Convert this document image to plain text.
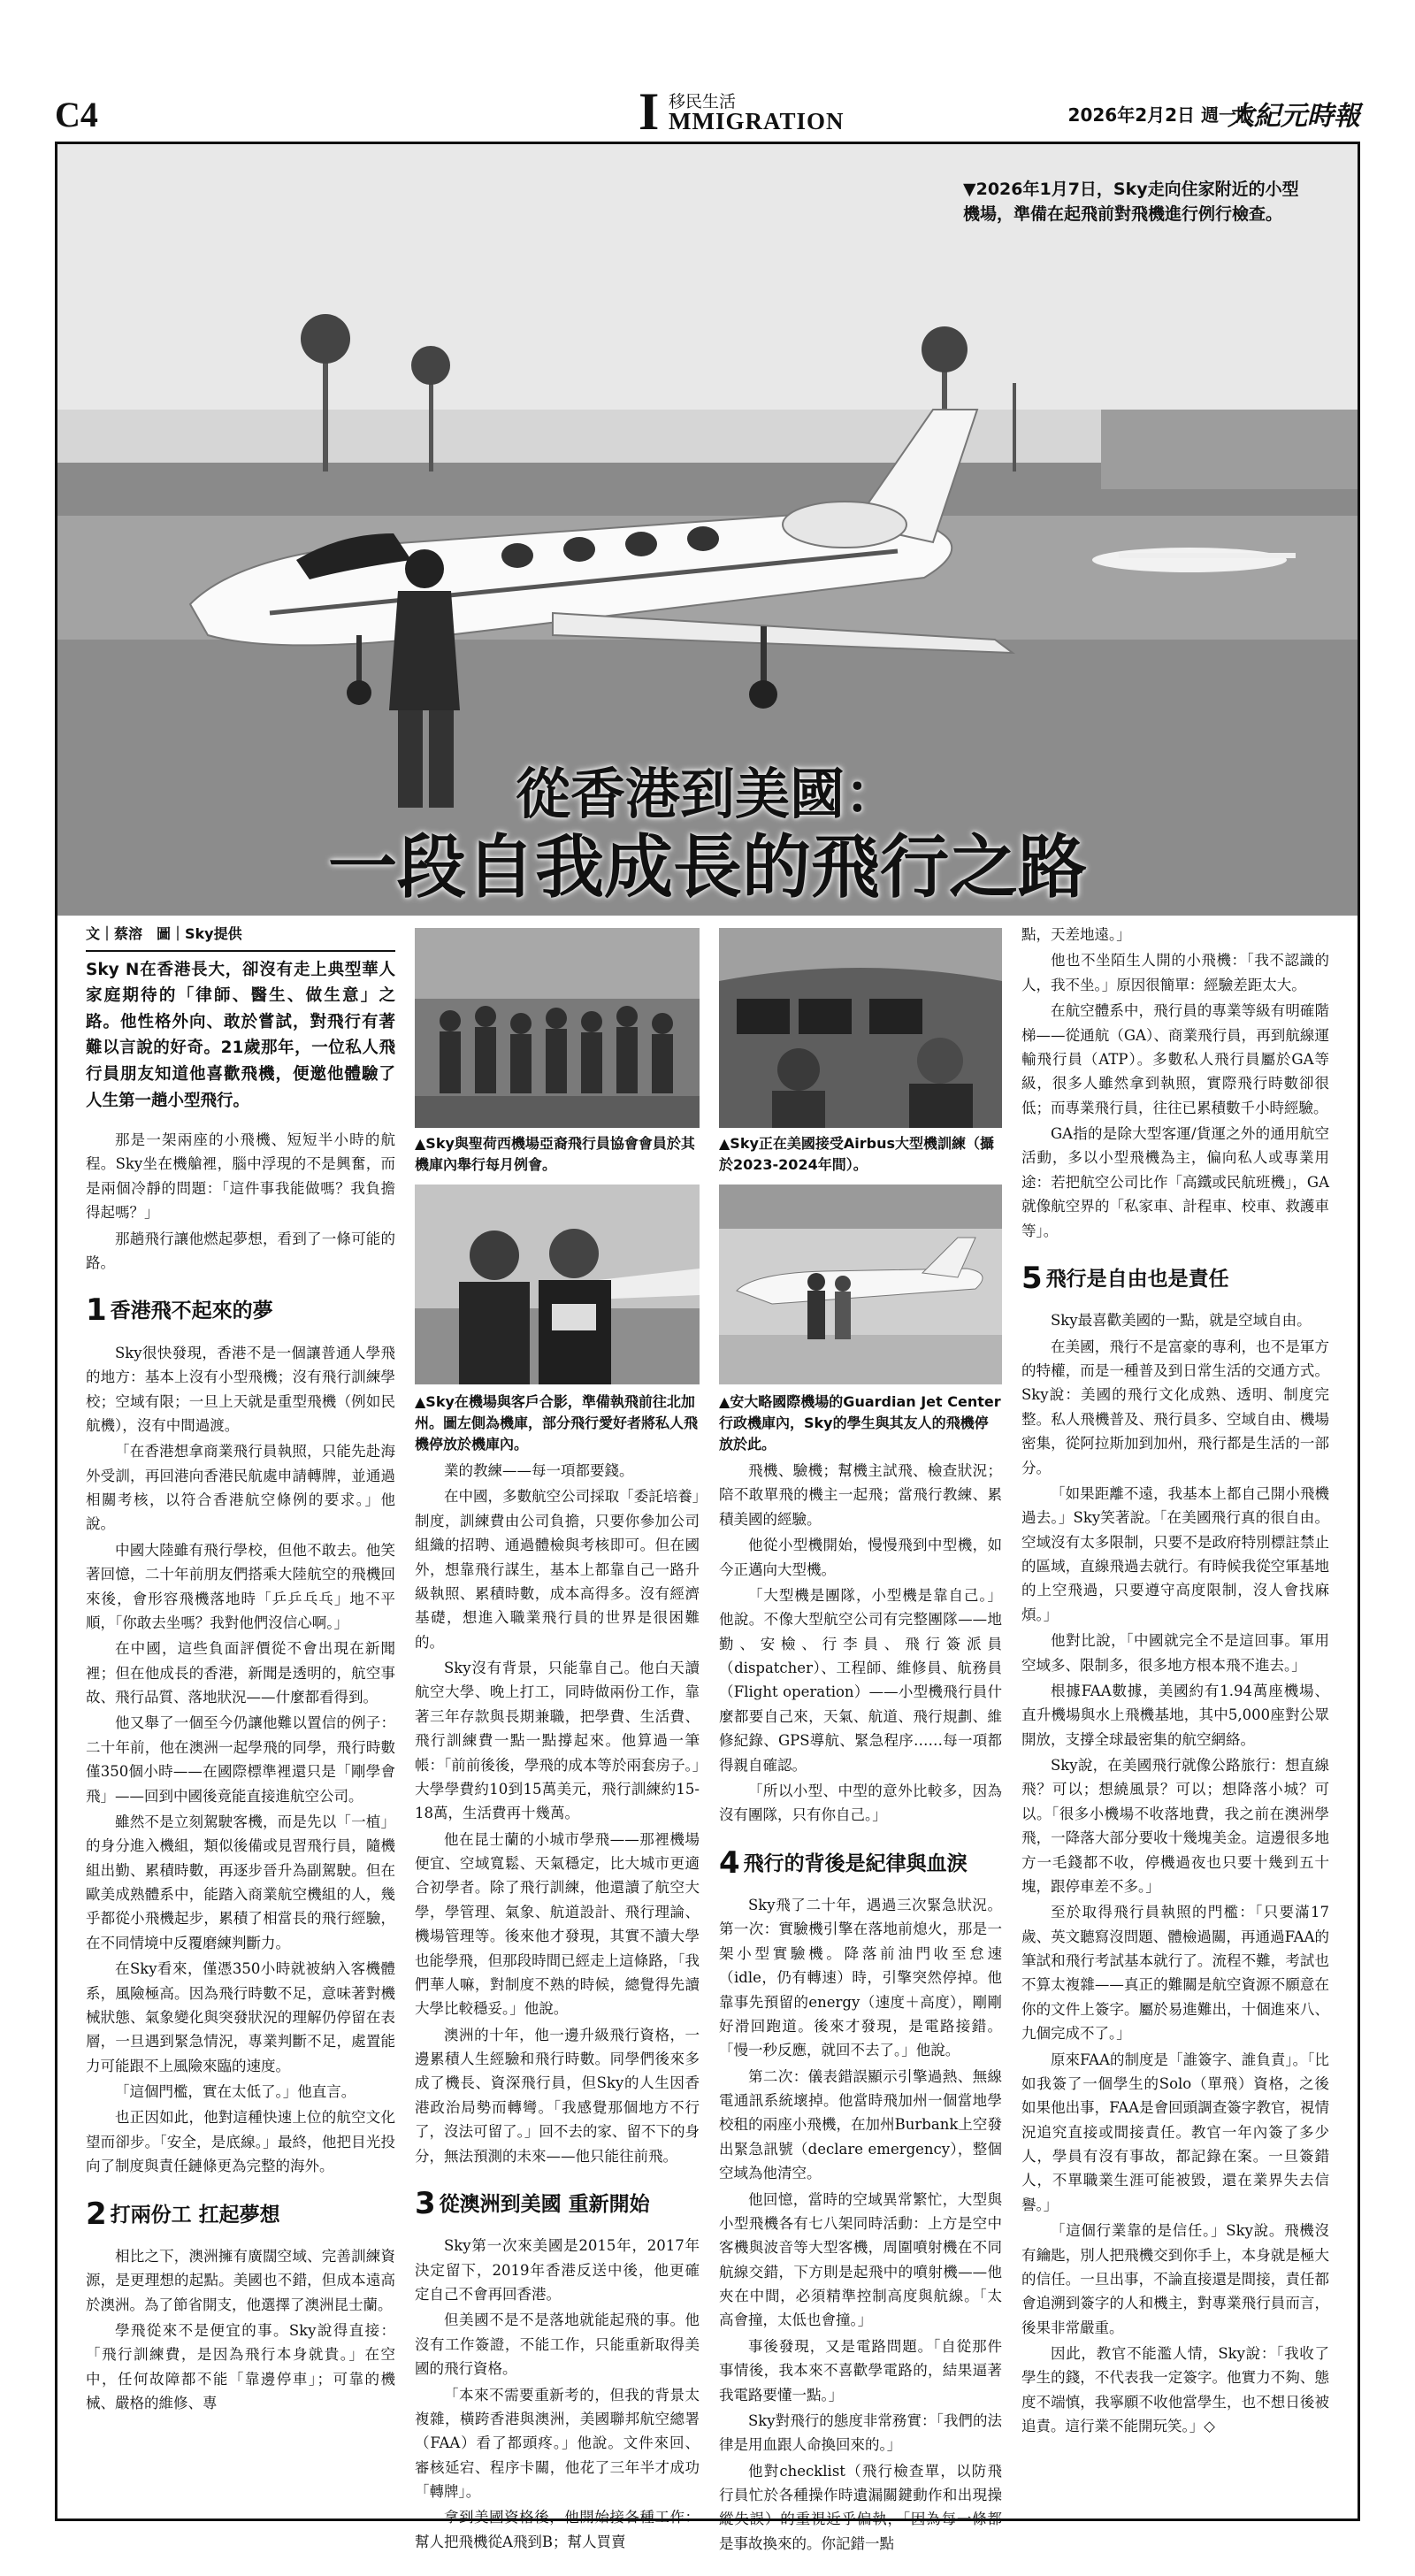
C4	I 移民生活
MMIGRATION	2026年2月2日 週一版
大紀元時報
▼2026年1月7日，Sky走向住家附近的小型機場，準備在起飛前對飛機進行例行檢查。
從香港到美國：
一段自我成長的飛行之路
文｜蔡溶　圖｜Sky提供
Sky N在香港長大，卻沒有走上典型華人家庭期待的「律師、醫生、做生意」之路。他性格外向、敢於嘗試，對飛行有著難以言說的好奇。21歲那年，一位私人飛行員朋友知道他喜歡飛機，便邀他體驗了人生第一趟小型飛行。

那是一架兩座的小飛機、短短半小時的航程。Sky坐在機艙裡，腦中浮現的不是興奮，而是兩個冷靜的問題：「這件事我能做嗎？我負擔得起嗎？」

那趟飛行讓他燃起夢想，看到了一條可能的路。

1 香港飛不起來的夢

Sky很快發現，香港不是一個讓普通人學飛的地方：基本上沒有小型飛機；沒有飛行訓練學校；空域有限；一旦上天就是重型飛機（例如民航機），沒有中間過渡。

「在香港想拿商業飛行員執照，只能先赴海外受訓，再回港向香港民航處申請轉牌，並通過相關考核，以符合香港航空條例的要求。」他說。

中國大陸雖有飛行學校，但他不敢去。他笑著回憶，二十年前朋友們搭乘大陸航空的飛機回來後，會形容飛機落地時「乒乒乓乓」地不平順，「你敢去坐嗎？我對他們沒信心啊。」

在中國，這些負面評價從不會出現在新聞裡；但在他成長的香港，新聞是透明的，航空事故、飛行品質、落地狀況——什麼都看得到。

他又舉了一個至今仍讓他難以置信的例子：二十年前，他在澳洲一起學飛的同學，飛行時數僅350個小時——在國際標準裡還只是「剛學會飛」——回到中國後竟能直接進航空公司。

雖然不是立刻駕駛客機，而是先以「一植」的身分進入機組，類似後備或見習飛行員，隨機組出勤、累積時數，再逐步晉升為副駕駛。但在歐美成熟體系中，能踏入商業航空機組的人，幾乎都從小飛機起步，累積了相當長的飛行經驗，在不同情境中反覆磨練判斷力。

在Sky看來，僅憑350小時就被納入客機體系，風險極高。因為飛行時數不足，意味著對機械狀態、氣象變化與突發狀況的理解仍停留在表層，一旦遇到緊急情況，專業判斷不足，處置能力可能跟不上風險來臨的速度。

「這個門檻，實在太低了。」他直言。

也正因如此，他對這種快速上位的航空文化望而卻步。「安全，是底線。」最終，他把目光投向了制度與責任鏈條更為完整的海外。

2 打兩份工 扛起夢想

相比之下，澳洲擁有廣闊空域、完善訓練資源，是更理想的起點。美國也不錯，但成本遠高於澳洲。為了節省開支，他選擇了澳洲昆士蘭。

學飛從來不是便宜的事。Sky說得直接：「飛行訓練費，是因為飛行本身就貴。」在空中，任何故障都不能「靠邊停車」；可靠的機械、嚴格的維修、專

▲Sky與聖荷西機場亞裔飛行員協會會員於其機庫內舉行每月例會。
▲Sky在機場與客戶合影，準備執飛前往北加州。圖左側為機庫，部分飛行愛好者將私人飛機停放於機庫內。

業的教練——每一項都要錢。

在中國，多數航空公司採取「委託培養」制度，訓練費由公司負擔，只要你參加公司組織的招聘、通過體檢與考核即可。但在國外，想靠飛行謀生，基本上都靠自己一路升級執照、累積時數，成本高得多。沒有經濟基礎，想進入職業飛行員的世界是很困難的。

Sky沒有背景，只能靠自己。他白天讀航空大學、晚上打工，同時做兩份工作，靠著三年存款與長期兼職，把學費、生活費、飛行訓練費一點一點撐起來。他算過一筆帳：「前前後後，學飛的成本等於兩套房子。」大學學費約10到15萬美元，飛行訓練約15-18萬，生活費再十幾萬。

他在昆士蘭的小城市學飛——那裡機場便宜、空域寬鬆、天氣穩定，比大城市更適合初學者。除了飛行訓練，他還讀了航空大學，學管理、氣象、航道設計、飛行理論、機場管理等。後來他才發現，其實不讀大學也能學飛，但那段時間已經走上這條路，「我們華人嘛，對制度不熟的時候，總覺得先讀大學比較穩妥。」他說。

澳洲的十年，他一邊升級飛行資格，一邊累積人生經驗和飛行時數。同學們後來多成了機長、資深飛行員，但Sky的人生因香港政治局勢而轉彎。「我感覺那個地方不行了，沒法可留了。」回不去的家、留不下的身分，無法預測的未來——他只能往前飛。

3 從澳洲到美國 重新開始

Sky第一次來美國是2015年，2017年決定留下，2019年香港反送中後，他更確定自己不會再回香港。

但美國不是不是落地就能起飛的事。他沒有工作簽證，不能工作，只能重新取得美國的飛行資格。

「本來不需要重新考的，但我的背景太複雜，橫跨香港與澳洲，美國聯邦航空總署（FAA）看了都頭疼。」他說。文件來回、審核延宕、程序卡關，他花了三年半才成功「轉牌」。

拿到美國資格後，他開始接各種工作：幫人把飛機從A飛到B；幫人買賣

▲Sky正在美國接受Airbus大型機訓練（攝於2023-2024年間）。
▲安大略國際機場的Guardian Jet Center行政機庫內，Sky的學生與其友人的飛機停放於此。

飛機、驗機；幫機主試飛、檢查狀況；陪不敢單飛的機主一起飛；當飛行教練、累積美國的經驗。

他從小型機開始，慢慢飛到中型機，如今正邁向大型機。

「大型機是團隊，小型機是靠自己。」他說。不像大型航空公司有完整團隊——地勤、安檢、行李員、飛行簽派員（dispatcher）、工程師、維修員、航務員（Flight operation）——小型機飛行員什麼都要自己來，天氣、航道、飛行規劃、維修紀錄、GPS導航、緊急程序……每一項都得親自確認。

「所以小型、中型的意外比較多，因為沒有團隊，只有你自己。」

4 飛行的背後是紀律與血淚

Sky飛了二十年，遇過三次緊急狀況。第一次：實驗機引擎在落地前熄火，那是一架小型實驗機。降落前油門收至怠速（idle，仍有轉速）時，引擎突然停掉。他靠事先預留的energy（速度＋高度），剛剛好滑回跑道。後來才發現，是電路接錯。「慢一秒反應，就回不去了。」他說。

第二次：儀表錯誤顯示引擎過熱、無線電通訊系統壞掉。他當時飛加州一個當地學校租的兩座小飛機，在加州Burbank上空發出緊急訊號（declare emergency），整個空域為他清空。

他回憶，當時的空域異常繁忙，大型與小型飛機各有七八架同時活動：上方是空中客機與波音等大型客機，周圍噴射機在不同航線交錯，下方則是起飛中的噴射機——他夾在中間，必須精準控制高度與航線。「太高會撞，太低也會撞。」

事後發現，又是電路問題。「自從那件事情後，我本來不喜歡學電路的，結果逼著我電路要懂一點。」

Sky對飛行的態度非常務實：「我們的法律是用血跟人命換回來的。」

他對checklist（飛行檢查單，以防飛行員忙於各種操作時遺漏關鍵動作和出現操縱失誤）的重視近乎偏執，「因為每一條都是事故換來的。你記錯一點

點，天差地遠。」

他也不坐陌生人開的小飛機：「我不認識的人，我不坐。」原因很簡單：經驗差距太大。

在航空體系中，飛行員的專業等級有明確階梯——從通航（GA）、商業飛行員，再到航線運輸飛行員（ATP）。多數私人飛行員屬於GA等級，很多人雖然拿到執照，實際飛行時數卻很低；而專業飛行員，往往已累積數千小時經驗。

GA指的是除大型客運/貨運之外的通用航空活動，多以小型飛機為主，偏向私人或專業用途：若把航空公司比作「高鐵或民航班機」，GA就像航空界的「私家車、計程車、校車、救護車等」。

5 飛行是自由也是責任

Sky最喜歡美國的一點，就是空域自由。

在美國，飛行不是富豪的專利，也不是軍方的特權，而是一種普及到日常生活的交通方式。Sky說：美國的飛行文化成熟、透明、制度完整。私人飛機普及、飛行員多、空域自由、機場密集，從阿拉斯加到加州，飛行都是生活的一部分。

「如果距離不遠，我基本上都自己開小飛機過去。」Sky笑著說。「在美國飛行真的很自由。空域沒有太多限制，只要不是政府特別標註禁止的區域，直線飛過去就行。有時候我從空軍基地的上空飛過，只要遵守高度限制，沒人會找麻煩。」

他對比說，「中國就完全不是這回事。軍用空域多、限制多，很多地方根本飛不進去。」

根據FAA數據，美國約有1.94萬座機場、直升機場與水上飛機基地，其中5,000座對公眾開放，支撐全球最密集的航空網絡。

Sky說，在美國飛行就像公路旅行：想直線飛？可以；想繞風景？可以；想降落小城？可以。「很多小機場不收落地費，我之前在澳洲學飛，一降落大部分要收十幾塊美金。這邊很多地方一毛錢都不收，停機過夜也只要十幾到五十塊，跟停車差不多。」

至於取得飛行員執照的門檻：「只要滿17歲、英文聽寫沒問題、體檢過關，再通過FAA的筆試和飛行考試基本就行了。流程不難，考試也不算太複雜——真正的難關是航空資源不願意在你的文件上簽字。屬於易進難出，十個進來八、九個完成不了。」

原來FAA的制度是「誰簽字、誰負責」。「比如我簽了一個學生的Solo（單飛）資格，之後如果他出事，FAA是會回頭調查簽字教官，視情況追究直接或間接責任。教官一年內簽了多少人，學員有沒有事故，都記錄在案。一旦簽錯人，不單職業生涯可能被毀，還在業界失去信譽。」

「這個行業靠的是信任。」Sky說。飛機沒有鑰匙，別人把飛機交到你手上，本身就是極大的信任。一旦出事，不論直接還是間接，責任都會追溯到簽字的人和機主，對專業飛行員而言，後果非常嚴重。

因此，教官不能濫人情，Sky說：「我收了學生的錢，不代表我一定簽字。他實力不夠、態度不端慎，我寧願不收他當學生，也不想日後被追責。這行業不能開玩笑。」◇
